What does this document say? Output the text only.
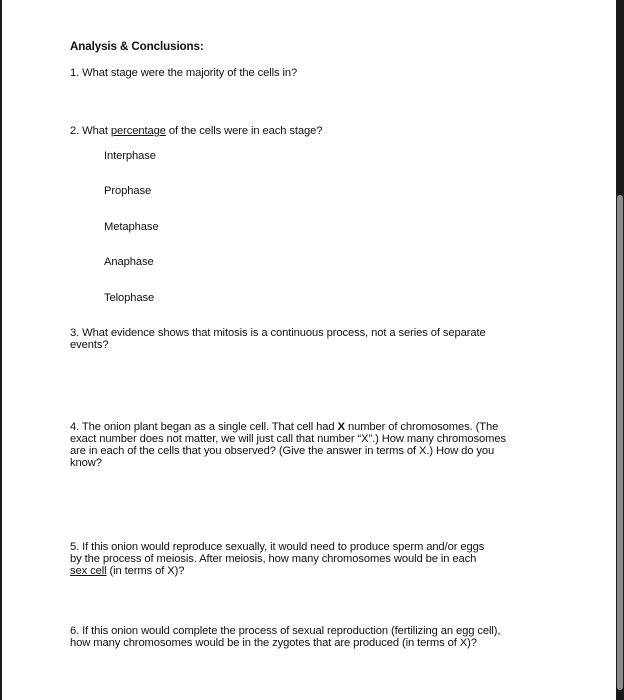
Analysis & Conclusions:
1. What stage were the majority of the cells in?
2. What percentage of the cells were in each stage?
Interphase
Prophase
Metaphase
Anaphase
Telophase
3. What evidence shows that mitosis is a continuous process, not a series of separate
events?
4. The onion plant began as a single cell. That cell had X number of chromosomes. (The
exact number does not matter, we will just call that number “X”.) How many chromosomes
are in each of the cells that you observed? (Give the answer in terms of X.) How do you
know?
5. If this onion would reproduce sexually, it would need to produce sperm and/or eggs
by the process of meiosis. After meiosis, how many chromosomes would be in each
sex cell (in terms of X)?
6. If this onion would complete the process of sexual reproduction (fertilizing an egg cell),
how many chromosomes would be in the zygotes that are produced (in terms of X)?
